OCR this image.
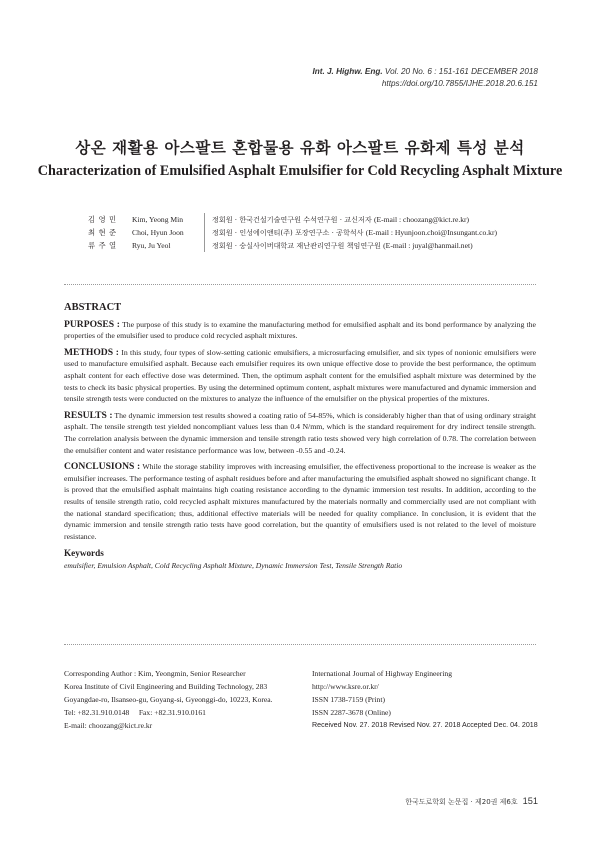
Int. J. Highw. Eng. Vol. 20 No. 6 : 151-161 DECEMBER 2018
https://doi.org/10.7855/IJHE.2018.20.6.151
상온 재활용 아스팔트 혼합물용 유화 아스팔트 유화제 특성 분석
Characterization of Emulsified Asphalt Emulsifier for Cold Recycling Asphalt Mixture
김 영 민	Kim, Yeong Min	정회원 · 한국건설기술연구원 수석연구원 · 교신저자 (E-mail : choozang@kict.re.kr)
최 현 준	Choi, Hyun Joon	정회원 · 인성에이앤티(주) 포장연구소 · 공학석사 (E-mail : Hyunjoon.choi@Insungant.co.kr)
류 주 열	Ryu, Ju Yeol	정회원 · 숭실사이버대학교 재난관리연구원 책임연구원 (E-mail : juyal@hanmail.net)
ABSTRACT

PURPOSES : The purpose of this study is to examine the manufacturing method for emulsified asphalt and its bond performance by analyzing the properties of the emulsifier used to produce cold recycled asphalt mixtures.

METHODS : In this study, four types of slow-setting cationic emulsifiers, a microsurfacing emulsifier, and six types of nonionic emulsifiers were used to manufacture emulsified asphalt. Because each emulsifier requires its own unique effective dose to provide the best performance, the optimum asphalt content for each effective dose was determined. Then, the optimum asphalt content for the emulsified asphalt mixture was determined by the tests to check its basic physical properties. By using the determined optimum content, asphalt mixtures were manufactured and dynamic immersion and tensile strength tests were conducted on the mixtures to analyze the influence of the emulsifier on the physical properties of the mixtures.

RESULTS : The dynamic immersion test results showed a coating ratio of 54-85%, which is considerably higher than that of using ordinary straight asphalt. The tensile strength test yielded noncompliant values less than 0.4 N/mm, which is the standard requirement for dry indirect tensile strength. The correlation analysis between the dynamic immersion and tensile strength ratio tests showed very high correlation of 0.78. The correlation between the emulsifier content and water resistance performance was low, between -0.55 and -0.24.

CONCLUSIONS : While the storage stability improves with increasing emulsifier, the effectiveness proportional to the increase is weaker as the emulsifier increases. The performance testing of asphalt residues before and after manufacturing the emulsified asphalt showed no significant change. It is proved that the emulsified asphalt maintains high coating resistance according to the dynamic immersion test results. In addition, according to the results of tensile strength ratio, cold recycled asphalt mixtures manufactured by the materials normally and commercially used are not compliant with the national standard specification; thus, additional effective materials will be needed for quality compliance. In conclusion, it is evident that the dynamic immersion and tensile strength ratio tests have good correlation, but the quantity of emulsifiers used is not related to the level of moisture resistance.

Keywords
emulsifier, Emulsion Asphalt, Cold Recycling Asphalt Mixture, Dynamic Immersion Test, Tensile Strength Ratio
Corresponding Author : Kim, Yeongmin, Senior Researcher
Korea Institute of Civil Engineering and Building Technology, 283
Goyangdae-ro, Ilsanseo-gu, Goyang-si, Gyeonggi-do, 10223, Korea.
Tel: +82.31.910.0148     Fax: +82.31.910.0161
E-mail: choozang@kict.re.kr
International Journal of Highway Engineering
http://www.ksre.or.kr/
ISSN 1738-7159 (Print)
ISSN 2287-3678 (Online)
Received Nov. 27. 2018 Revised Nov. 27. 2018 Accepted Dec. 04. 2018
한국도로학회 논문집 · 제20권 제6호 151
